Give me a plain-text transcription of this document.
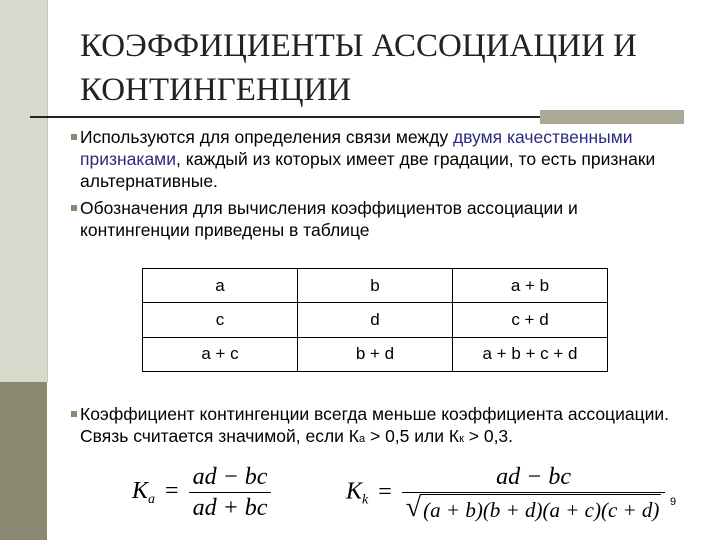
КОЭФФИЦИЕНТЫ АССОЦИАЦИИ И КОНТИНГЕНЦИИ
Используются для определения связи между двумя качественными признаками, каждый из которых имеет две градации, то есть признаки альтернативные.
Обозначения для вычисления коэффициентов ассоциации и контингенции приведены в таблице
a	b	a + b
c	d	c + d
a + c	b + d	a + b + c + d
Коэффициент контингенции всегда меньше коэффициента ассоциации. Связь считается значимой, если Ка > 0,5 или Кк > 0,3.
$K_a = \frac{ad - bc}{ad + bc}$	$K_k = \frac{ad - bc}{√ (a + b)(b + d)(a + c)(c + d)} 9$
